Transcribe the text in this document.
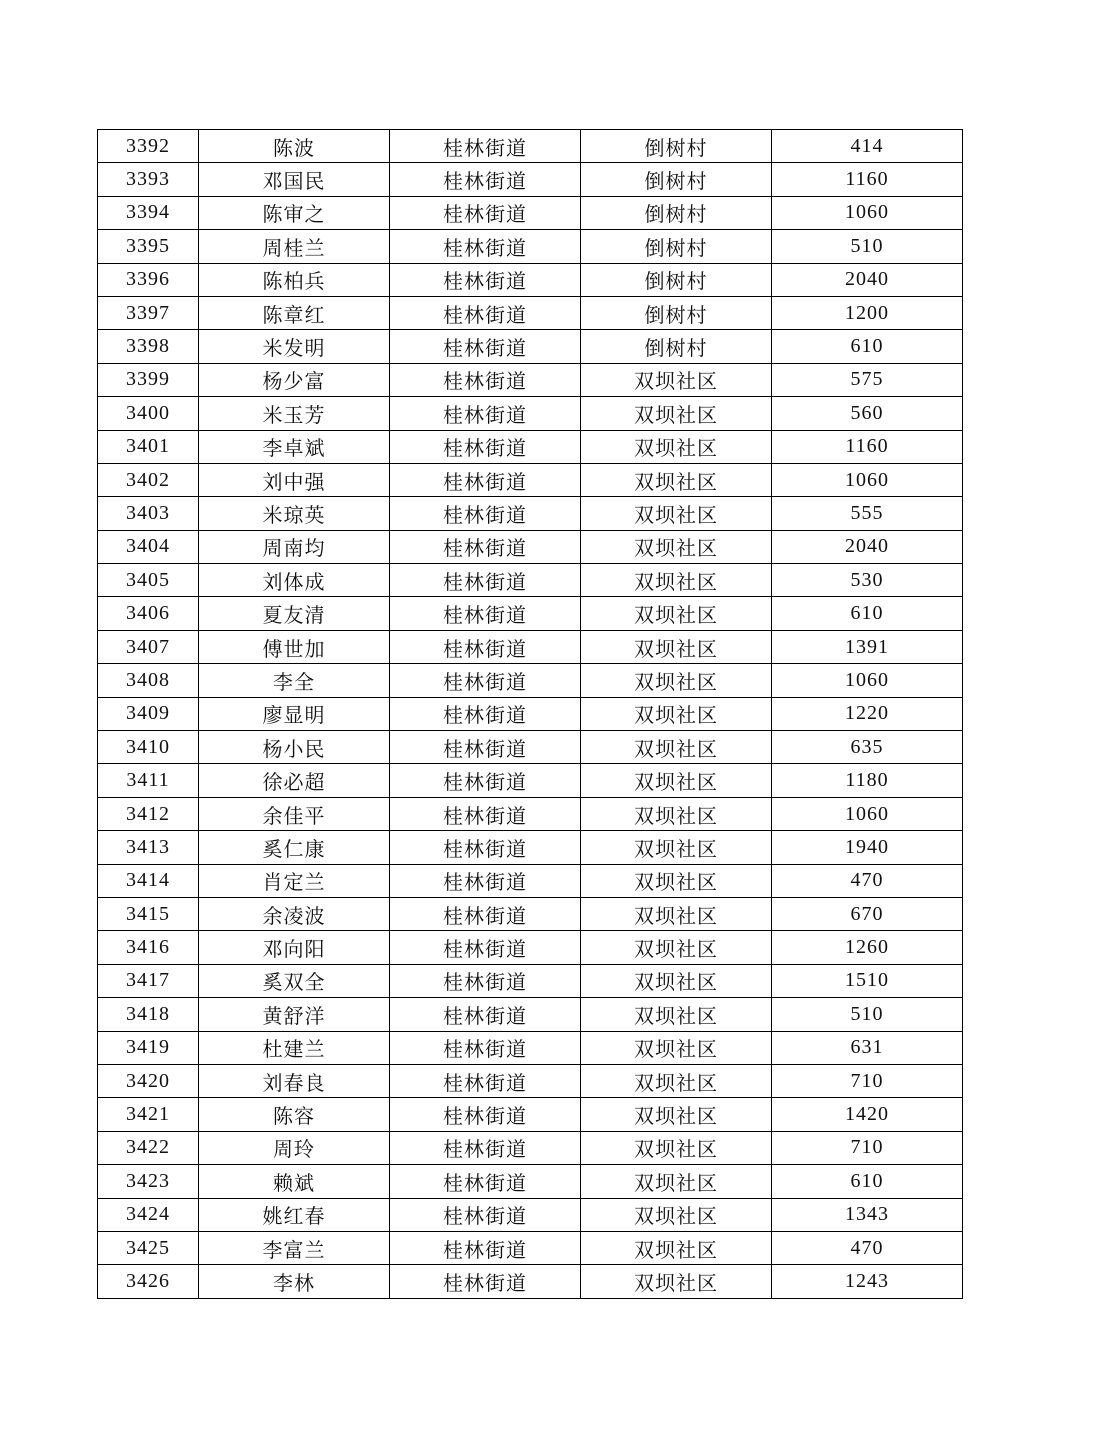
3392	陈波	桂林街道	倒树村	414
3393	邓国民	桂林街道	倒树村	1160
3394	陈审之	桂林街道	倒树村	1060
3395	周桂兰	桂林街道	倒树村	510
3396	陈柏兵	桂林街道	倒树村	2040
3397	陈章红	桂林街道	倒树村	1200
3398	米发明	桂林街道	倒树村	610
3399	杨少富	桂林街道	双坝社区	575
3400	米玉芳	桂林街道	双坝社区	560
3401	李卓斌	桂林街道	双坝社区	1160
3402	刘中强	桂林街道	双坝社区	1060
3403	米琼英	桂林街道	双坝社区	555
3404	周南均	桂林街道	双坝社区	2040
3405	刘体成	桂林街道	双坝社区	530
3406	夏友清	桂林街道	双坝社区	610
3407	傅世加	桂林街道	双坝社区	1391
3408	李全	桂林街道	双坝社区	1060
3409	廖显明	桂林街道	双坝社区	1220
3410	杨小民	桂林街道	双坝社区	635
3411	徐必超	桂林街道	双坝社区	1180
3412	余佳平	桂林街道	双坝社区	1060
3413	奚仁康	桂林街道	双坝社区	1940
3414	肖定兰	桂林街道	双坝社区	470
3415	余凌波	桂林街道	双坝社区	670
3416	邓向阳	桂林街道	双坝社区	1260
3417	奚双全	桂林街道	双坝社区	1510
3418	黄舒洋	桂林街道	双坝社区	510
3419	杜建兰	桂林街道	双坝社区	631
3420	刘春良	桂林街道	双坝社区	710
3421	陈容	桂林街道	双坝社区	1420
3422	周玲	桂林街道	双坝社区	710
3423	赖斌	桂林街道	双坝社区	610
3424	姚红春	桂林街道	双坝社区	1343
3425	李富兰	桂林街道	双坝社区	470
3426	李林	桂林街道	双坝社区	1243
